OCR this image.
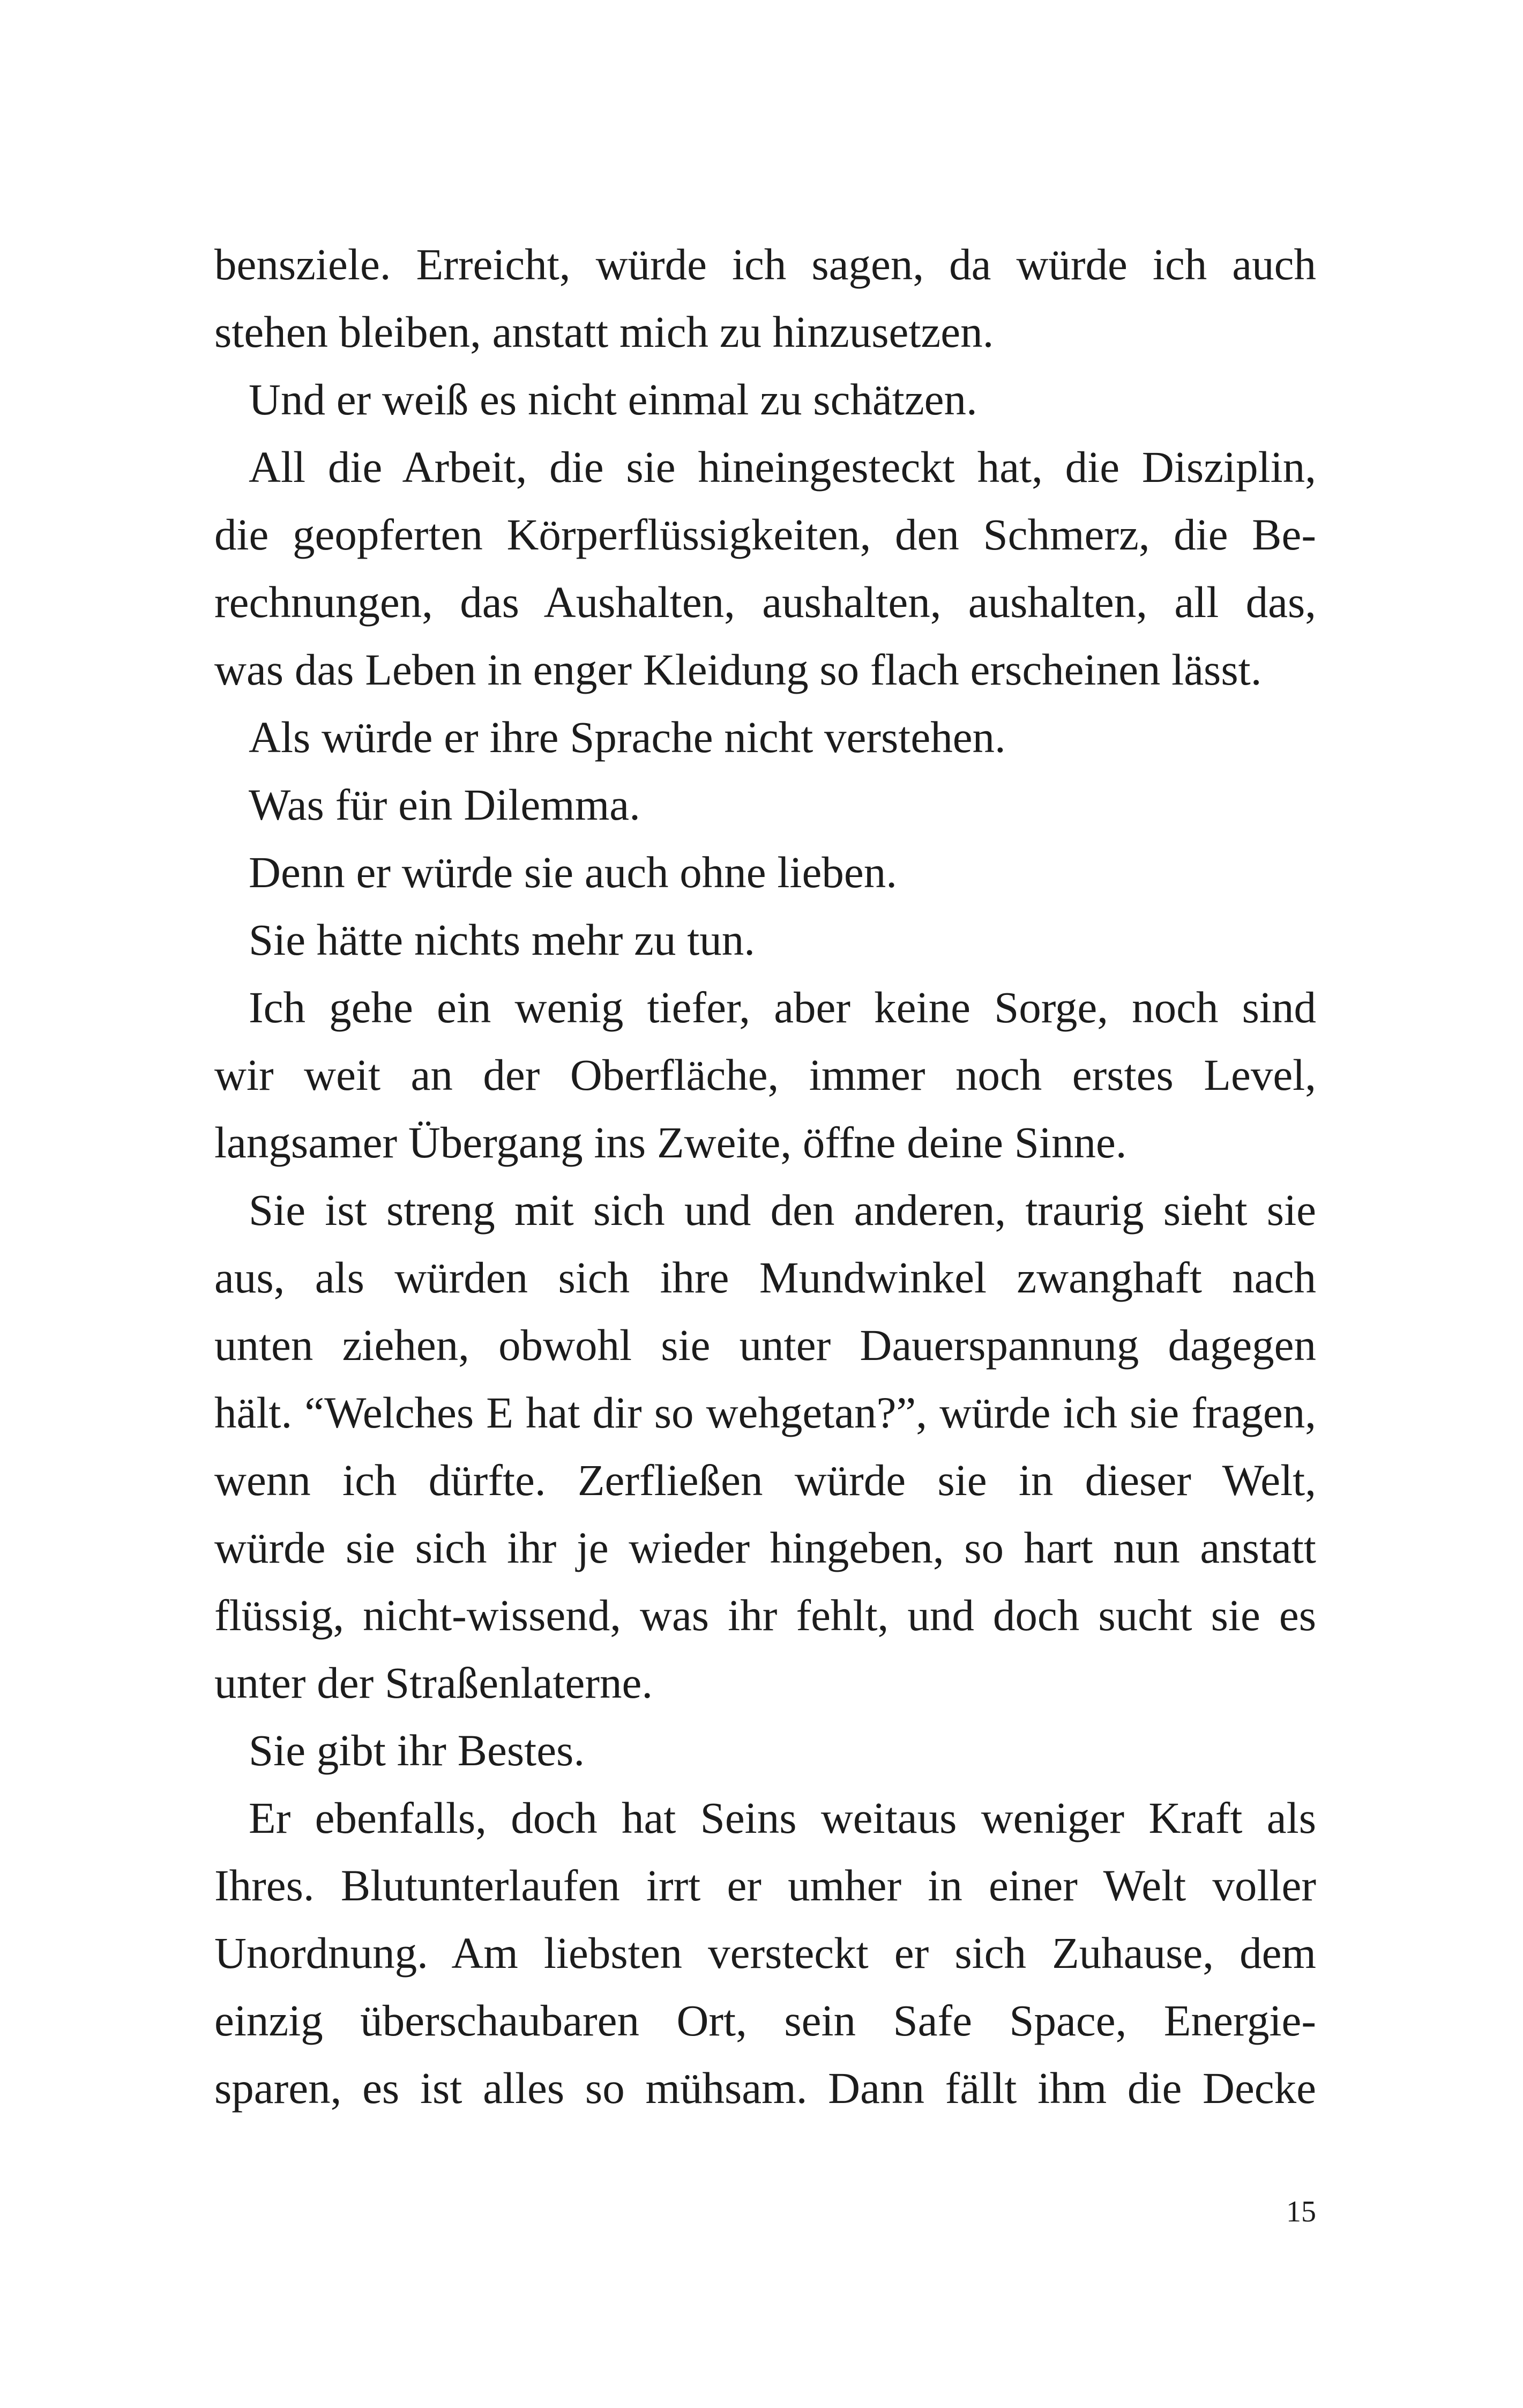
bensziele. Erreicht, würde ich sagen, da würde ich auch
stehen bleiben, anstatt mich zu hinzusetzen.
Und er weiß es nicht einmal zu schätzen.
All die Arbeit, die sie hineingesteckt hat, die Disziplin,
die geopferten Körperflüssigkeiten, den Schmerz, die Be-
rechnungen, das Aushalten, aushalten, aushalten, all das,
was das Leben in enger Kleidung so flach erscheinen lässt.
Als würde er ihre Sprache nicht verstehen.
Was für ein Dilemma.
Denn er würde sie auch ohne lieben.
Sie hätte nichts mehr zu tun.
Ich gehe ein wenig tiefer, aber keine Sorge, noch sind
wir weit an der Oberfläche, immer noch erstes Level,
langsamer Übergang ins Zweite, öffne deine Sinne.
Sie ist streng mit sich und den anderen, traurig sieht sie
aus, als würden sich ihre Mundwinkel zwanghaft nach
unten ziehen, obwohl sie unter Dauerspannung dagegen
hält. “Welches E hat dir so wehgetan?”, würde ich sie fragen,
wenn ich dürfte. Zerfließen würde sie in dieser Welt,
würde sie sich ihr je wieder hingeben, so hart nun anstatt
flüssig, nicht-wissend, was ihr fehlt, und doch sucht sie es
unter der Straßenlaterne.
Sie gibt ihr Bestes.
Er ebenfalls, doch hat Seins weitaus weniger Kraft als
Ihres. Blutunterlaufen irrt er umher in einer Welt voller
Unordnung. Am liebsten versteckt er sich Zuhause, dem
einzig überschaubaren Ort, sein Safe Space, Energie-
sparen, es ist alles so mühsam. Dann fällt ihm die Decke
15
